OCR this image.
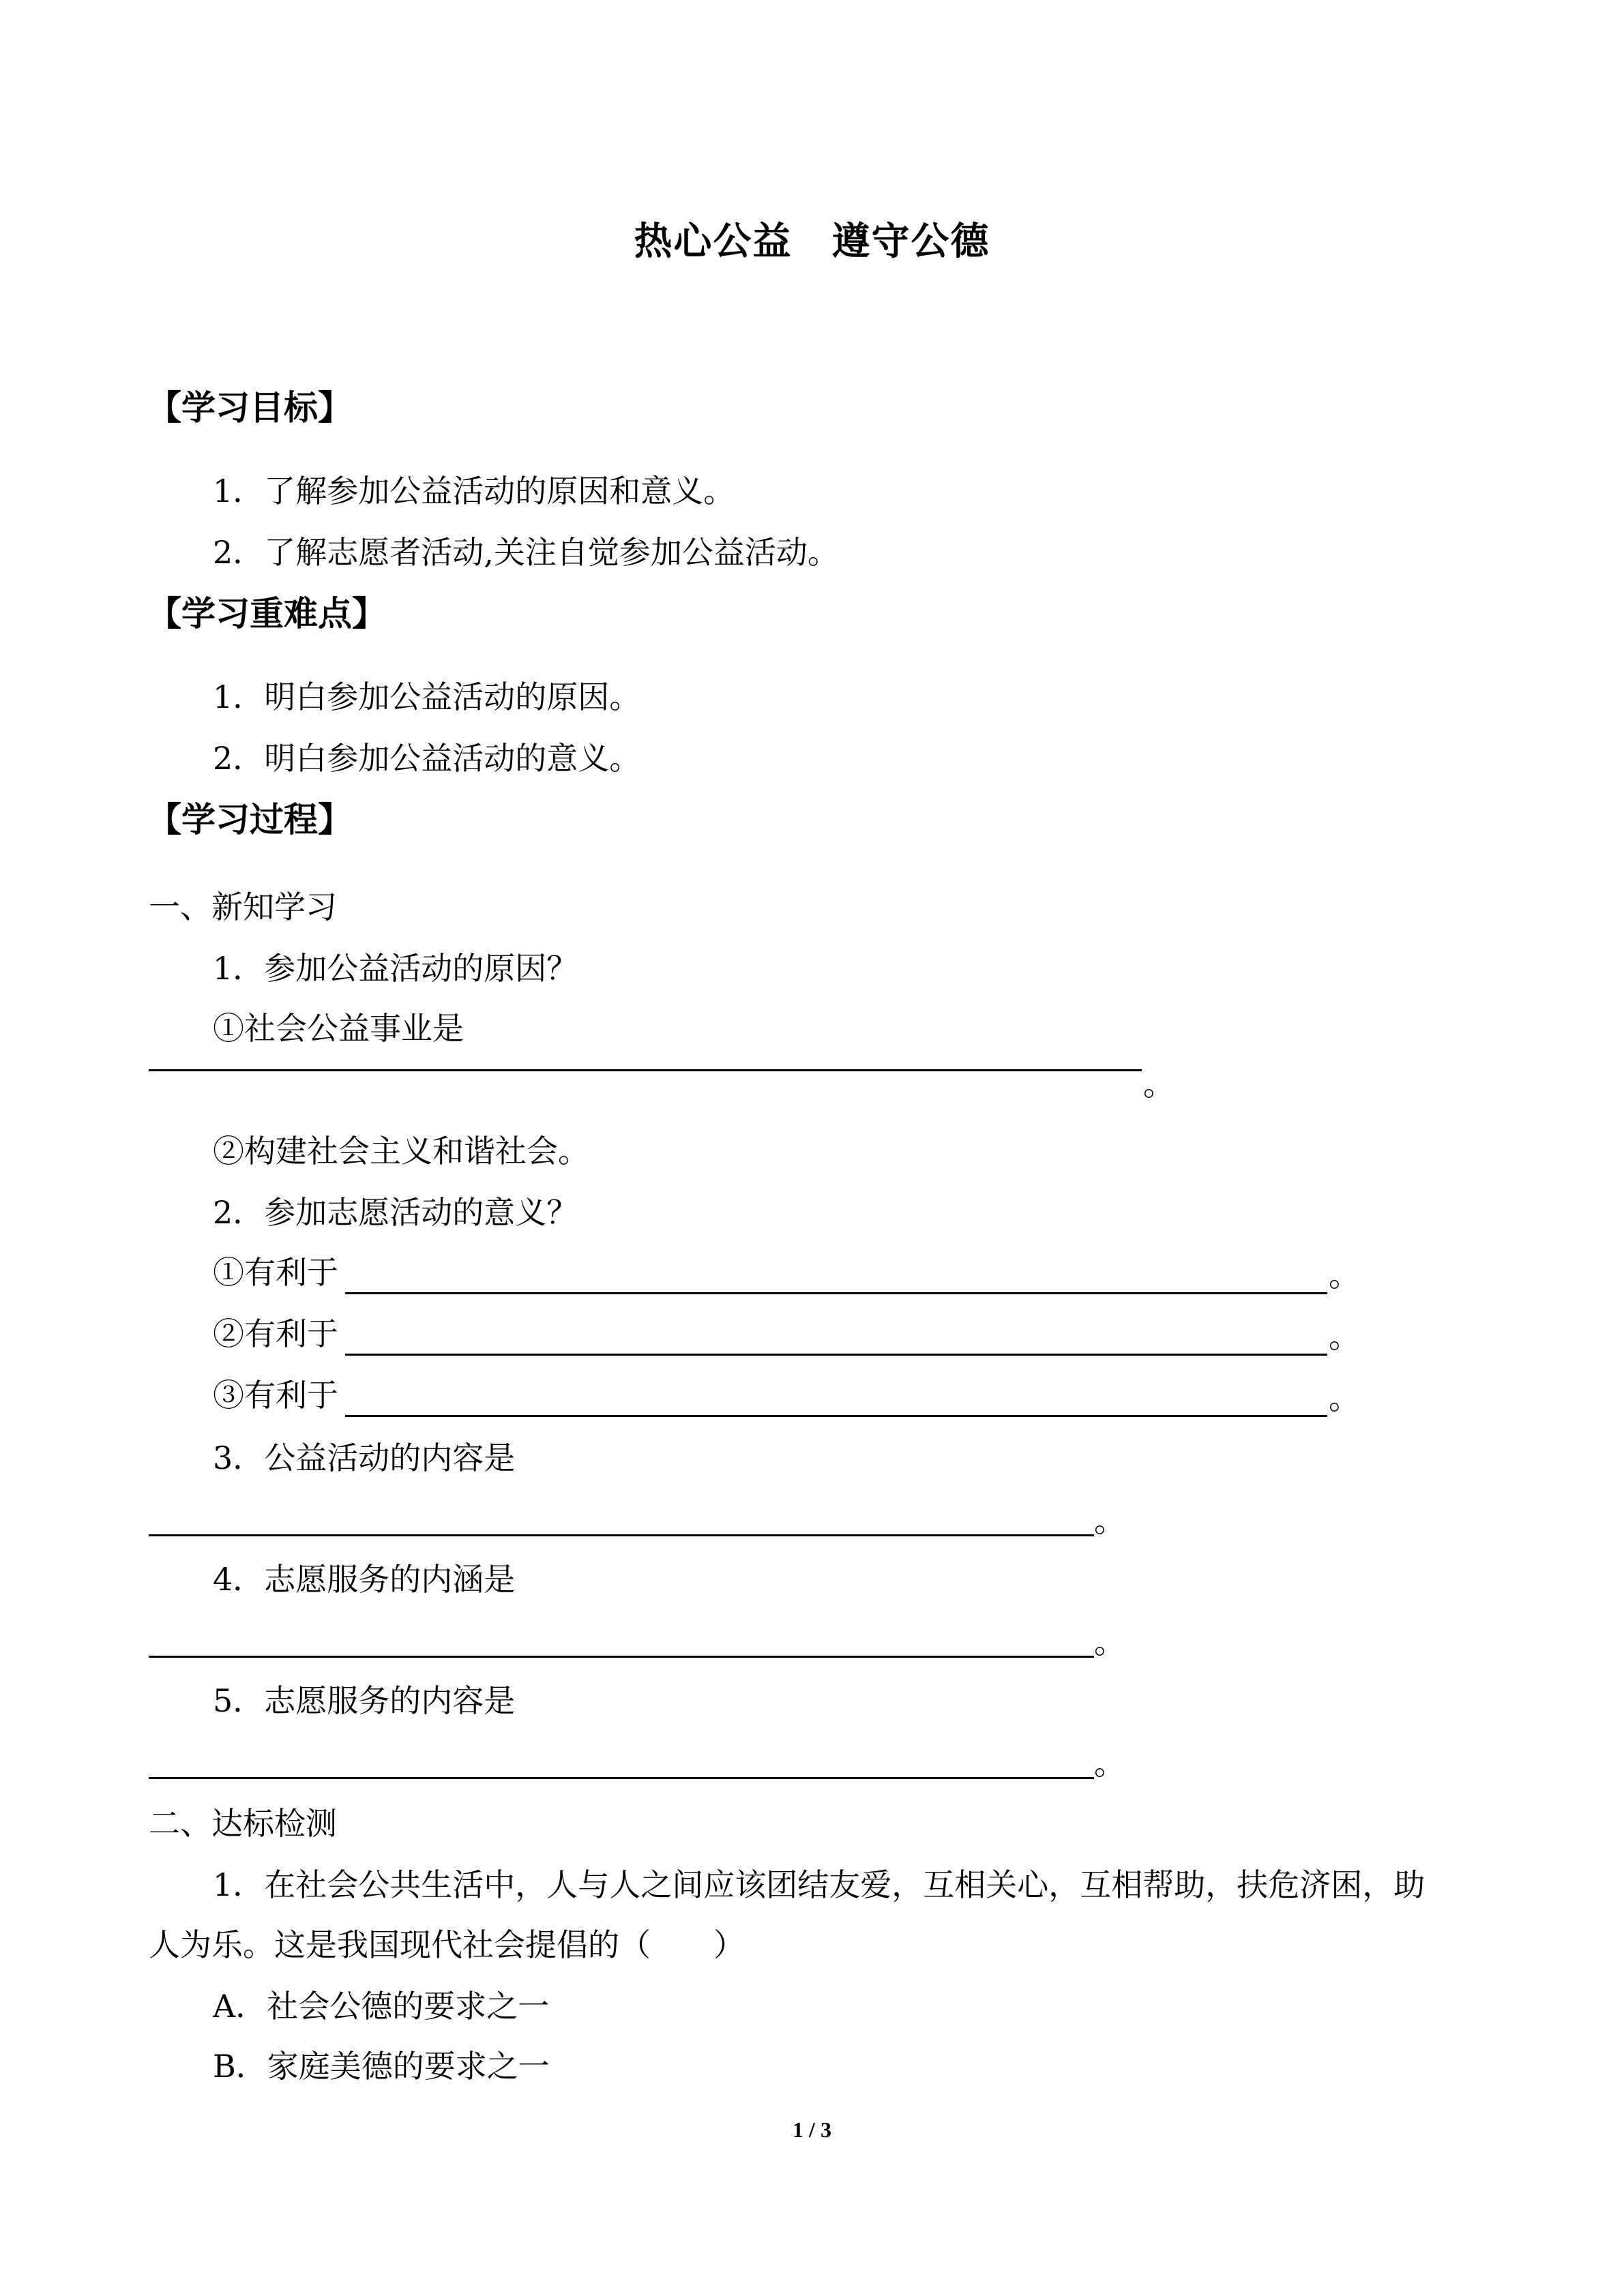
热心公益　遵守公德
【学习目标】
1．了解参加公益活动的原因和意义。
2．了解志愿者活动,关注自觉参加公益活动。
【学习重难点】
1．明白参加公益活动的原因。
2．明白参加公益活动的意义。
【学习过程】
一、新知学习
1．参加公益活动的原因？
①社会公益事业是
。
②构建社会主义和谐社会。
2．参加志愿活动的意义？
①有利于	。
②有利于	。
③有利于	。
3．公益活动的内容是
。
4．志愿服务的内涵是
。
5．志愿服务的内容是
。
二、达标检测
1．在社会公共生活中，人与人之间应该团结友爱，互相关心，互相帮助，扶危济困，助
人为乐。这是我国现代社会提倡的（　　）
A．社会公德的要求之一
B．家庭美德的要求之一
1 / 3
